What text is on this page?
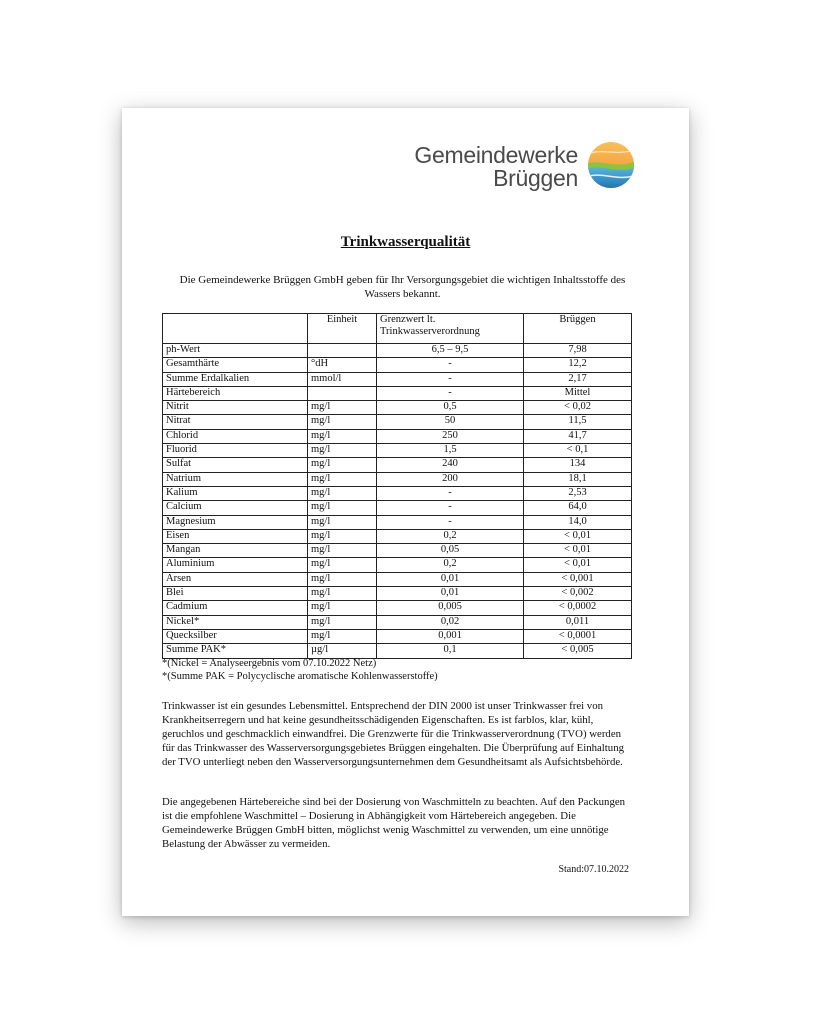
Gemeindewerke
Brüggen
Trinkwasserqualität
Die Gemeindewerke Brüggen GmbH geben für Ihr Versorgungsgebiet die wichtigen Inhaltsstoffe des Wassers bekannt.
	Einheit	Grenzwert lt. Trinkwasserverordnung	Brüggen
ph-Wert		6,5 – 9,5	7,98
Gesamthärte	°dH	-	12,2
Summe Erdalkalien	mmol/l	-	2,17
Härtebereich		-	Mittel
Nitrit	mg/l	0,5	< 0,02
Nitrat	mg/l	50	11,5
Chlorid	mg/l	250	41,7
Fluorid	mg/l	1,5	< 0,1
Sulfat	mg/l	240	134
Natrium	mg/l	200	18,1
Kalium	mg/l	-	2,53
Calcium	mg/l	-	64,0
Magnesium	mg/l	-	14,0
Eisen	mg/l	0,2	< 0,01
Mangan	mg/l	0,05	< 0,01
Aluminium	mg/l	0,2	< 0,01
Arsen	mg/l	0,01	< 0,001
Blei	mg/l	0,01	< 0,002
Cadmium	mg/l	0,005	< 0,0002
Nickel*	mg/l	0,02	0,011
Quecksilber	mg/l	0,001	< 0,0001
Summe PAK*	µg/l	0,1	< 0,005
*(Nickel = Analyseergebnis vom 07.10.2022 Netz)
*(Summe PAK = Polycyclische aromatische Kohlenwasserstoffe)
Trinkwasser ist ein gesundes Lebensmittel. Entsprechend der DIN 2000 ist unser Trinkwasser frei von Krankheitserregern und hat keine gesundheitsschädigenden Eigenschaften. Es ist farblos, klar, kühl, geruchlos und geschmacklich einwandfrei. Die Grenzwerte für die Trinkwasserverordnung (TVO) werden für das Trinkwasser des Wasserversorgungsgebietes Brüggen eingehalten. Die Überprüfung auf Einhaltung der TVO unterliegt neben den Wasserversorgungsunternehmen dem Gesundheitsamt als Aufsichtsbehörde.
Die angegebenen Härtebereiche sind bei der Dosierung von Waschmitteln zu beachten. Auf den Packungen ist die empfohlene Waschmittel – Dosierung in Abhängigkeit vom Härtebereich angegeben. Die Gemeindewerke Brüggen GmbH bitten, möglichst wenig Waschmittel zu verwenden, um eine unnötige Belastung der Abwässer zu vermeiden.
Stand:07.10.2022
